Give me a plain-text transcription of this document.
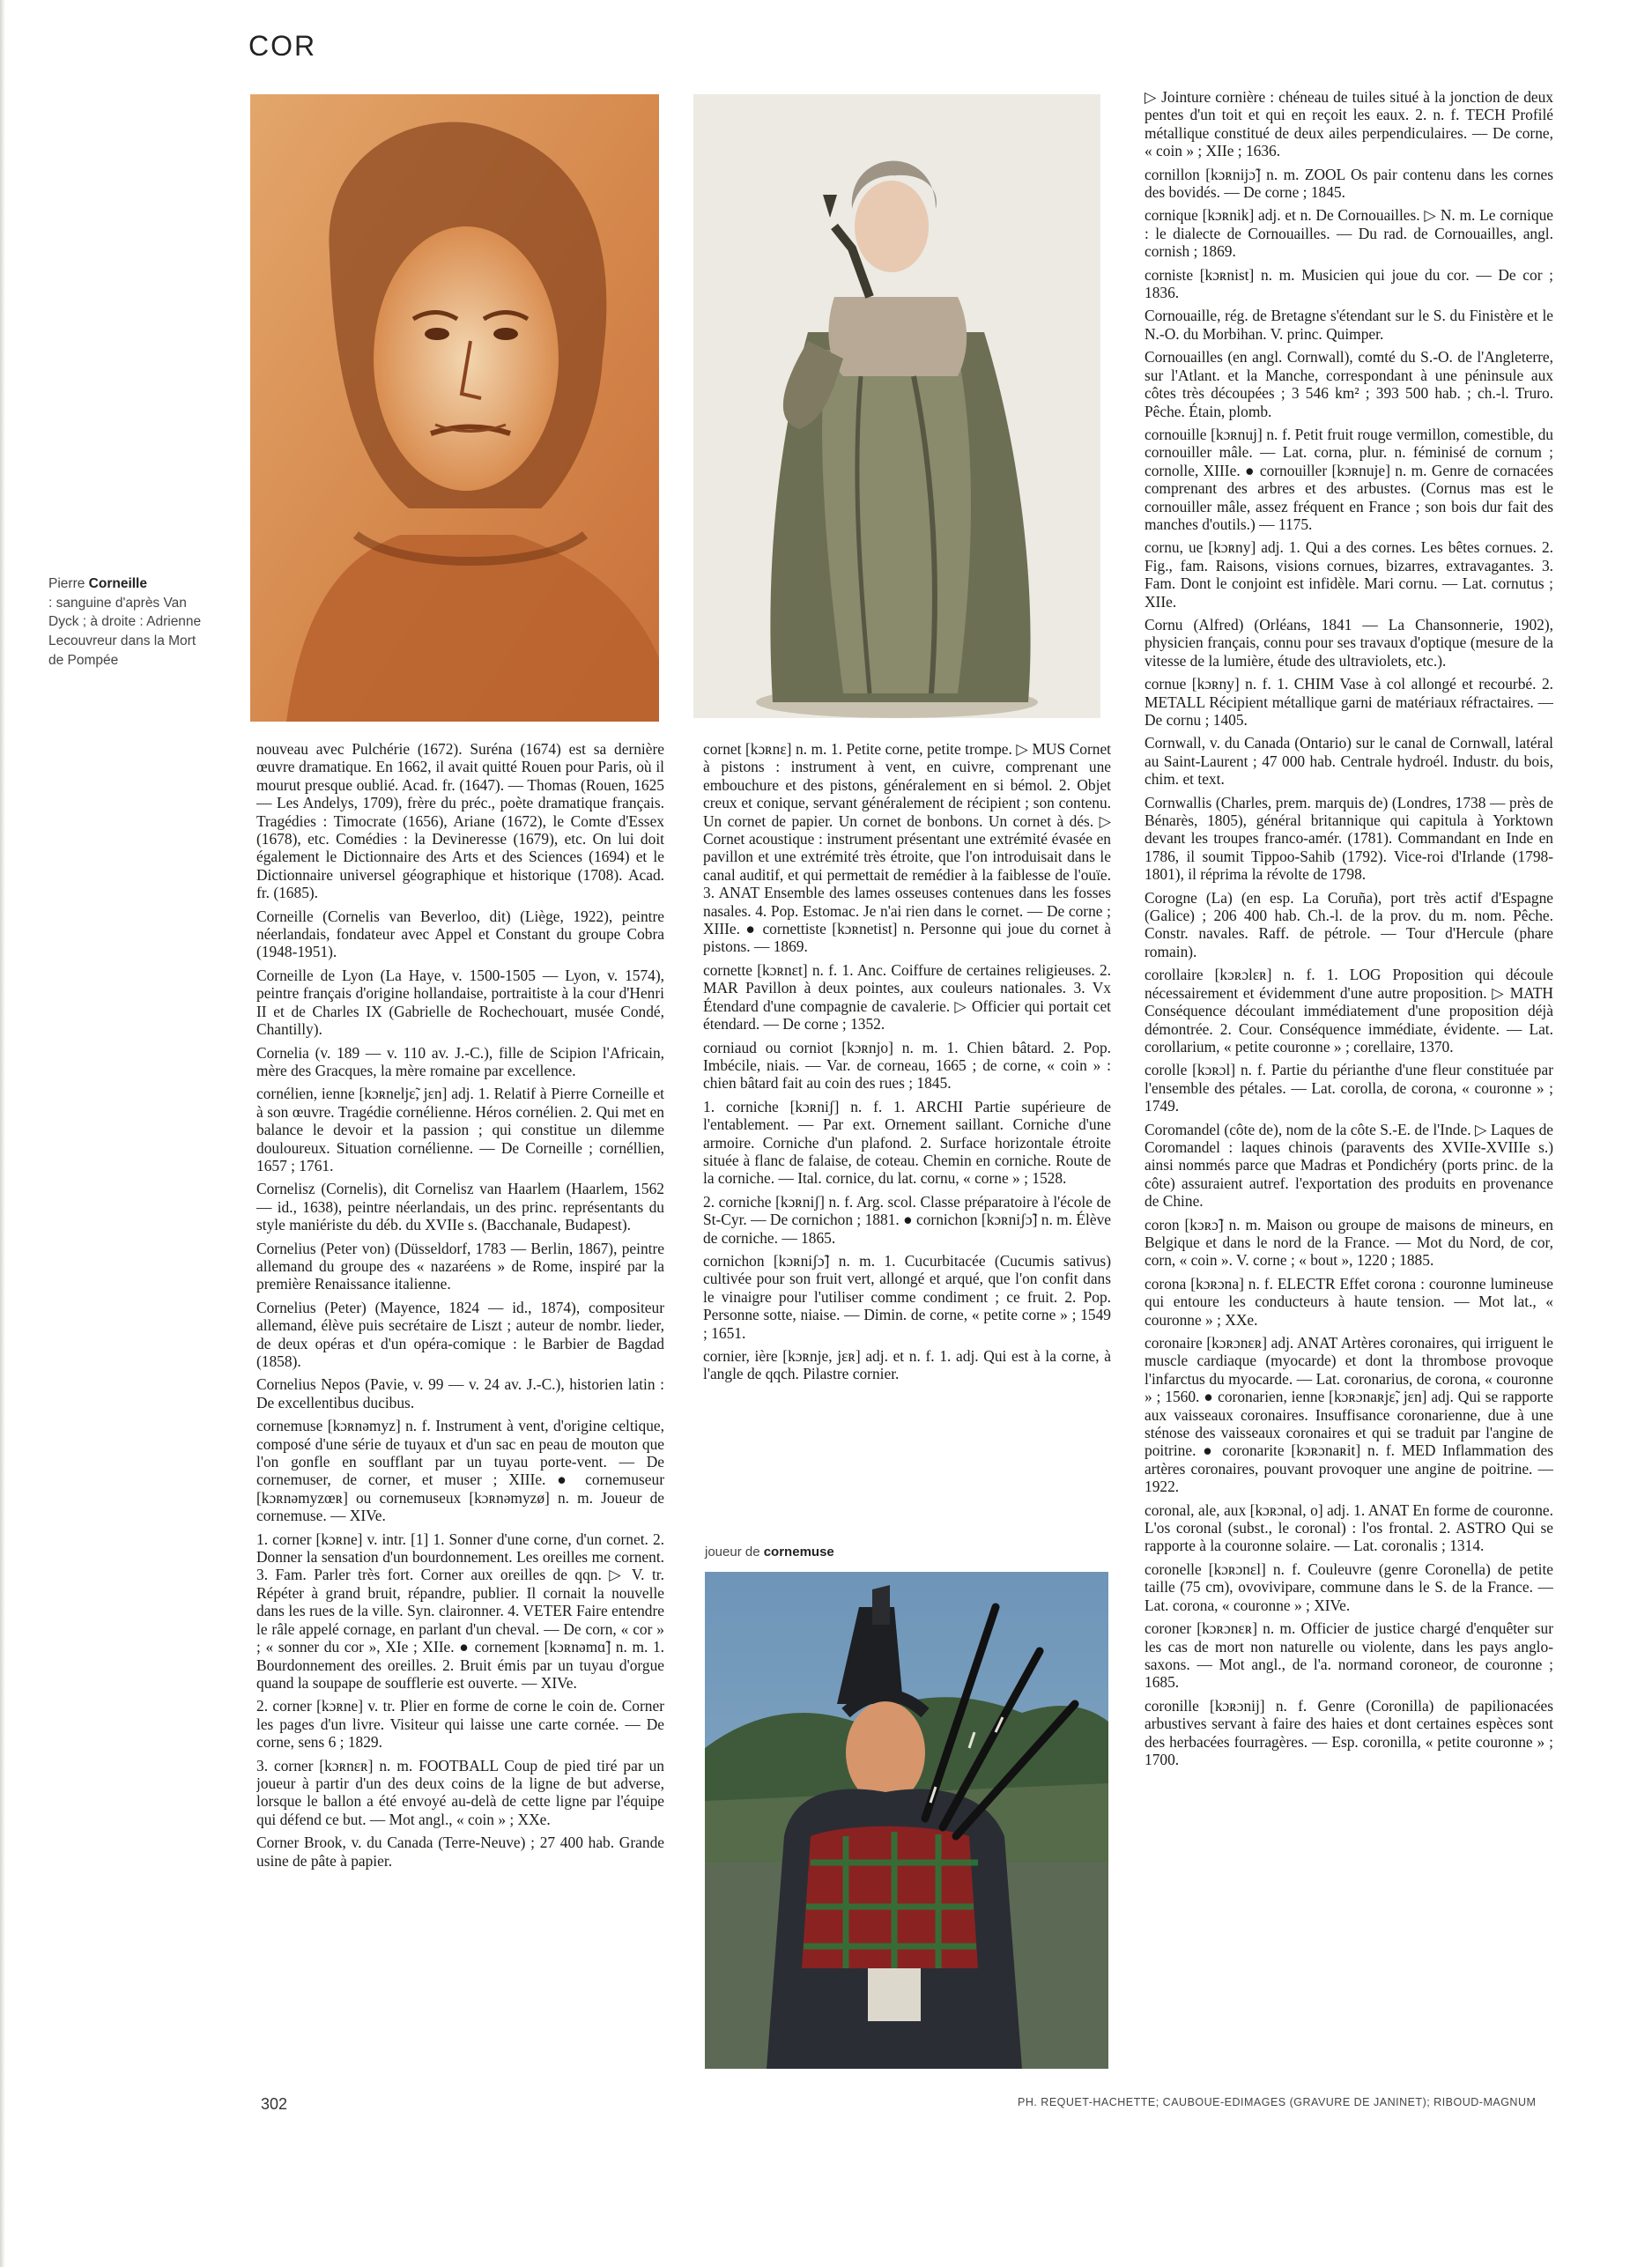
COR
Pierre Corneille
: sanguine d'après Van Dyck ; à droite : Adrienne Lecouvreur dans la Mort de Pompée
joueur de cornemuse

nouveau avec Pulchérie (1672). Suréna (1674) est sa dernière œuvre dramatique. En 1662, il avait quitté Rouen pour Paris, où il mourut presque oublié. Acad. fr. (1647). — Thomas (Rouen, 1625 — Les Andelys, 1709), frère du préc., poète dramatique français. Tragédies : Timocrate (1656), Ariane (1672), le Comte d'Essex (1678), etc. Comédies : la Devineresse (1679), etc. On lui doit également le Dictionnaire des Arts et des Sciences (1694) et le Dictionnaire universel géographique et historique (1708). Acad. fr. (1685).

Corneille (Cornelis van Beverloo, dit) (Liège, 1922), peintre néerlandais, fondateur avec Appel et Constant du groupe Cobra (1948-1951).

Corneille de Lyon (La Haye, v. 1500-1505 — Lyon, v. 1574), peintre français d'origine hollandaise, portraitiste à la cour d'Henri II et de Charles IX (Gabrielle de Rochechouart, musée Condé, Chantilly).

Cornelia (v. 189 — v. 110 av. J.-C.), fille de Scipion l'Africain, mère des Gracques, la mère romaine par excellence.

cornélien, ienne [kɔʀneljɛ̃, jɛn] adj. 1. Relatif à Pierre Corneille et à son œuvre. Tragédie cornélienne. Héros cornélien. 2. Qui met en balance le devoir et la passion ; qui constitue un dilemme douloureux. Situation cornélienne. — De Corneille ; cornéllien, 1657 ; 1761.

Cornelisz (Cornelis), dit Cornelisz van Haarlem (Haarlem, 1562 — id., 1638), peintre néerlandais, un des princ. représentants du style maniériste du déb. du XVIIe s. (Bacchanale, Budapest).

Cornelius (Peter von) (Düsseldorf, 1783 — Berlin, 1867), peintre allemand du groupe des « nazaréens » de Rome, inspiré par la première Renaissance italienne.

Cornelius (Peter) (Mayence, 1824 — id., 1874), compositeur allemand, élève puis secrétaire de Liszt ; auteur de nombr. lieder, de deux opéras et d'un opéra-comique : le Barbier de Bagdad (1858).

Cornelius Nepos (Pavie, v. 99 — v. 24 av. J.-C.), historien latin : De excellentibus ducibus.

cornemuse [kɔʀnəmyz] n. f. Instrument à vent, d'origine celtique, composé d'une série de tuyaux et d'un sac en peau de mouton que l'on gonfle en soufflant par un tuyau porte-vent. — De cornemuser, de corner, et muser ; XIIIe. ● cornemuseur [kɔʀnəmyzœʀ] ou cornemuseux [kɔʀnəmyzø] n. m. Joueur de cornemuse. — XIVe.

1. corner [kɔʀne] v. intr. [1] 1. Sonner d'une corne, d'un cornet. 2. Donner la sensation d'un bourdonnement. Les oreilles me cornent. 3. Fam. Parler très fort. Corner aux oreilles de qqn. ▷ V. tr. Répéter à grand bruit, répandre, publier. Il cornait la nouvelle dans les rues de la ville. Syn. claironner. 4. VETER Faire entendre le râle appelé cornage, en parlant d'un cheval. — De corn, « cor » ; « sonner du cor », XIe ; XIIe. ● cornement [kɔʀnəmɑ̃] n. m. 1. Bourdonnement des oreilles. 2. Bruit émis par un tuyau d'orgue quand la soupape de soufflerie est ouverte. — XIVe.

2. corner [kɔʀne] v. tr. Plier en forme de corne le coin de. Corner les pages d'un livre. Visiteur qui laisse une carte cornée. — De corne, sens 6 ; 1829.

3. corner [kɔʀnɛʀ] n. m. FOOTBALL Coup de pied tiré par un joueur à partir d'un des deux coins de la ligne de but adverse, lorsque le ballon a été envoyé au-delà de cette ligne par l'équipe qui défend ce but. — Mot angl., « coin » ; XXe.

Corner Brook, v. du Canada (Terre-Neuve) ; 27 400 hab. Grande usine de pâte à papier.

cornet [kɔʀnɛ] n. m. 1. Petite corne, petite trompe. ▷ MUS Cornet à pistons : instrument à vent, en cuivre, comprenant une embouchure et des pistons, généralement en si bémol. 2. Objet creux et conique, servant généralement de récipient ; son contenu. Un cornet de papier. Un cornet de bonbons. Un cornet à dés. ▷ Cornet acoustique : instrument présentant une extrémité évasée en pavillon et une extrémité très étroite, que l'on introduisait dans le canal auditif, et qui permettait de remédier à la faiblesse de l'ouïe. 3. ANAT Ensemble des lames osseuses contenues dans les fosses nasales. 4. Pop. Estomac. Je n'ai rien dans le cornet. — De corne ; XIIIe. ● cornettiste [kɔʀnetist] n. Personne qui joue du cornet à pistons. — 1869.

cornette [kɔʀnɛt] n. f. 1. Anc. Coiffure de certaines religieuses. 2. MAR Pavillon à deux pointes, aux couleurs nationales. 3. Vx Étendard d'une compagnie de cavalerie. ▷ Officier qui portait cet étendard. — De corne ; 1352.

corniaud ou corniot [kɔʀnjo] n. m. 1. Chien bâtard. 2. Pop. Imbécile, niais. — Var. de corneau, 1665 ; de corne, « coin » : chien bâtard fait au coin des rues ; 1845.

1. corniche [kɔʀniʃ] n. f. 1. ARCHI Partie supérieure de l'entablement. — Par ext. Ornement saillant. Corniche d'une armoire. Corniche d'un plafond. 2. Surface horizontale étroite située à flanc de falaise, de coteau. Chemin en corniche. Route de la corniche. — Ital. cornice, du lat. cornu, « corne » ; 1528.

2. corniche [kɔʀniʃ] n. f. Arg. scol. Classe préparatoire à l'école de St-Cyr. — De cornichon ; 1881. ● cornichon [kɔʀniʃɔ̃] n. m. Élève de corniche. — 1865.

cornichon [kɔʀniʃɔ̃] n. m. 1. Cucurbitacée (Cucumis sativus) cultivée pour son fruit vert, allongé et arqué, que l'on confit dans le vinaigre pour l'utiliser comme condiment ; ce fruit. 2. Pop. Personne sotte, niaise. — Dimin. de corne, « petite corne » ; 1549 ; 1651.

cornier, ière [kɔʀnje, jɛʀ] adj. et n. f. 1. adj. Qui est à la corne, à l'angle de qqch. Pilastre cornier.

▷ Jointure cornière : chéneau de tuiles situé à la jonction de deux pentes d'un toit et qui en reçoit les eaux. 2. n. f. TECH Profilé métallique constitué de deux ailes perpendiculaires. — De corne, « coin » ; XIIe ; 1636.

cornillon [kɔʀnijɔ̃] n. m. ZOOL Os pair contenu dans les cornes des bovidés. — De corne ; 1845.

cornique [kɔʀnik] adj. et n. De Cornouailles. ▷ N. m. Le cornique : le dialecte de Cornouailles. — Du rad. de Cornouailles, angl. cornish ; 1869.

corniste [kɔʀnist] n. m. Musicien qui joue du cor. — De cor ; 1836.

Cornouaille, rég. de Bretagne s'étendant sur le S. du Finistère et le N.-O. du Morbihan. V. princ. Quimper.

Cornouailles (en angl. Cornwall), comté du S.-O. de l'Angleterre, sur l'Atlant. et la Manche, correspondant à une péninsule aux côtes très découpées ; 3 546 km² ; 393 500 hab. ; ch.-l. Truro. Pêche. Étain, plomb.

cornouille [kɔʀnuj] n. f. Petit fruit rouge vermillon, comestible, du cornouiller mâle. — Lat. corna, plur. n. féminisé de cornum ; cornolle, XIIIe. ● cornouiller [kɔʀnuje] n. m. Genre de cornacées comprenant des arbres et des arbustes. (Cornus mas est le cornouiller mâle, assez fréquent en France ; son bois dur fait des manches d'outils.) — 1175.

cornu, ue [kɔʀny] adj. 1. Qui a des cornes. Les bêtes cornues. 2. Fig., fam. Raisons, visions cornues, bizarres, extravagantes. 3. Fam. Dont le conjoint est infidèle. Mari cornu. — Lat. cornutus ; XIIe.

Cornu (Alfred) (Orléans, 1841 — La Chansonnerie, 1902), physicien français, connu pour ses travaux d'optique (mesure de la vitesse de la lumière, étude des ultraviolets, etc.).

cornue [kɔʀny] n. f. 1. CHIM Vase à col allongé et recourbé. 2. METALL Récipient métallique garni de matériaux réfractaires. — De cornu ; 1405.

Cornwall, v. du Canada (Ontario) sur le canal de Cornwall, latéral au Saint-Laurent ; 47 000 hab. Centrale hydroél. Industr. du bois, chim. et text.

Cornwallis (Charles, prem. marquis de) (Londres, 1738 — près de Bénarès, 1805), général britannique qui capitula à Yorktown devant les troupes franco-amér. (1781). Commandant en Inde en 1786, il soumit Tippoo-Sahib (1792). Vice-roi d'Irlande (1798-1801), il réprima la révolte de 1798.

Corogne (La) (en esp. La Coruña), port très actif d'Espagne (Galice) ; 206 400 hab. Ch.-l. de la prov. du m. nom. Pêche. Constr. navales. Raff. de pétrole. — Tour d'Hercule (phare romain).

corollaire [kɔʀɔlɛʀ] n. f. 1. LOG Proposition qui découle nécessairement et évidemment d'une autre proposition. ▷ MATH Conséquence découlant immédiatement d'une proposition déjà démontrée. 2. Cour. Conséquence immédiate, évidente. — Lat. corollarium, « petite couronne » ; corellaire, 1370.

corolle [kɔʀɔl] n. f. Partie du périanthe d'une fleur constituée par l'ensemble des pétales. — Lat. corolla, de corona, « couronne » ; 1749.

Coromandel (côte de), nom de la côte S.-E. de l'Inde. ▷ Laques de Coromandel : laques chinois (paravents des XVIIe-XVIIIe s.) ainsi nommés parce que Madras et Pondichéry (ports princ. de la côte) assuraient autref. l'exportation des produits en provenance de Chine.

coron [kɔʀɔ̃] n. m. Maison ou groupe de maisons de mineurs, en Belgique et dans le nord de la France. — Mot du Nord, de cor, corn, « coin ». V. corne ; « bout », 1220 ; 1885.

corona [kɔʀɔna] n. f. ELECTR Effet corona : couronne lumineuse qui entoure les conducteurs à haute tension. — Mot lat., « couronne » ; XXe.

coronaire [kɔʀɔnɛʀ] adj. ANAT Artères coronaires, qui irriguent le muscle cardiaque (myocarde) et dont la thrombose provoque l'infarctus du myocarde. — Lat. coronarius, de corona, « couronne » ; 1560. ● coronarien, ienne [kɔʀɔnaʀjɛ̃, jɛn] adj. Qui se rapporte aux vaisseaux coronaires. Insuffisance coronarienne, due à une sténose des vaisseaux coronaires et qui se traduit par l'angine de poitrine. ● coronarite [kɔʀɔnaʀit] n. f. MED Inflammation des artères coronaires, pouvant provoquer une angine de poitrine. — 1922.

coronal, ale, aux [kɔʀɔnal, o] adj. 1. ANAT En forme de couronne. L'os coronal (subst., le coronal) : l'os frontal. 2. ASTRO Qui se rapporte à la couronne solaire. — Lat. coronalis ; 1314.

coronelle [kɔʀɔnɛl] n. f. Couleuvre (genre Coronella) de petite taille (75 cm), ovovivipare, commune dans le S. de la France. — Lat. corona, « couronne » ; XIVe.

coroner [kɔʀɔnɛʀ] n. m. Officier de justice chargé d'enquêter sur les cas de mort non naturelle ou violente, dans les pays anglo-saxons. — Mot angl., de l'a. normand coroneor, de couronne ; 1685.

coronille [kɔʀɔnij] n. f. Genre (Coronilla) de papilionacées arbustives servant à faire des haies et dont certaines espèces sont des herbacées fourragères. — Esp. coronilla, « petite couronne » ; 1700.

302	PH. REQUET-HACHETTE; CAUBOUE-EDIMAGES (GRAVURE DE JANINET); RIBOUD-MAGNUM
